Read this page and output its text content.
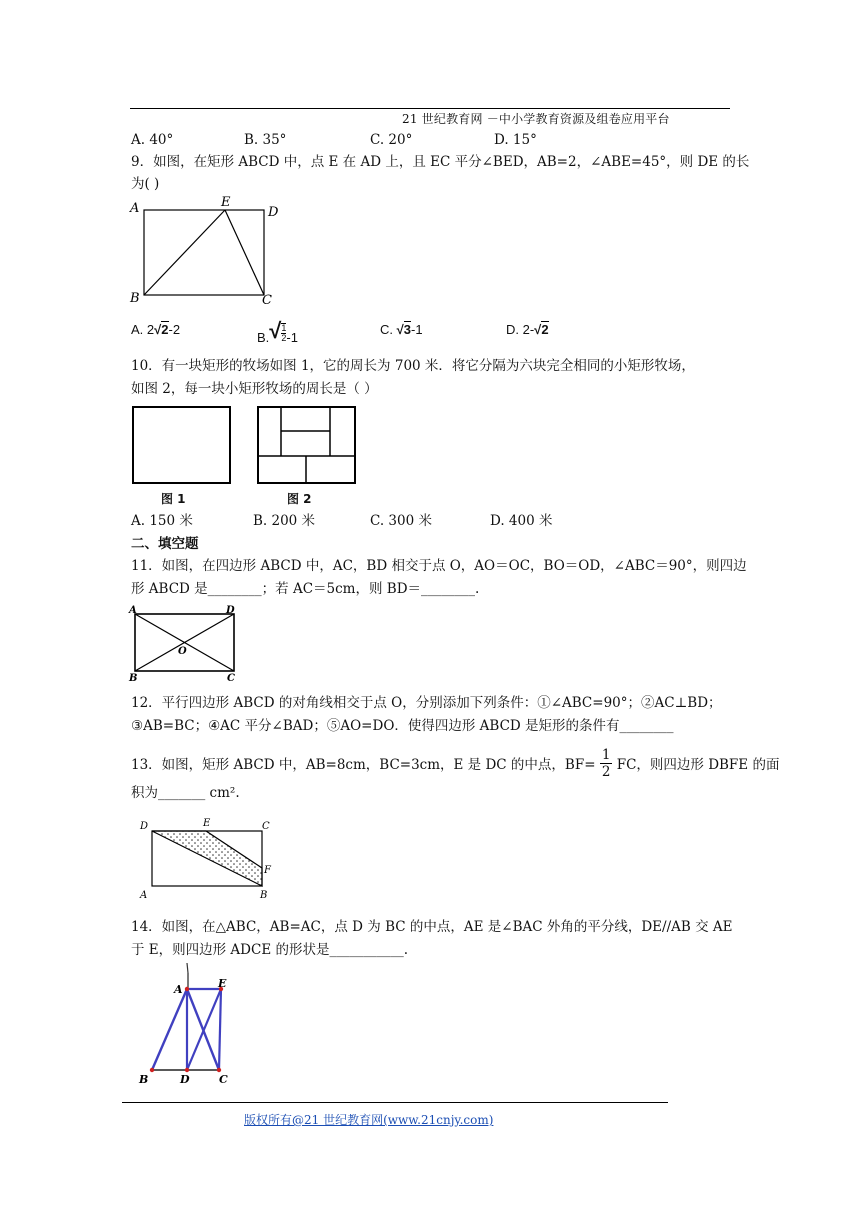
21 世纪教育网 －中小学教育资源及组卷应用平台
A. 40°	B. 35°	C. 20°	D. 15°
9．如图，在矩形 ABCD 中，点 E 在 AD 上，且 EC 平分∠BED，AB=2，∠ABE=45°，则 DE 的长
为( )
A	E
D
B	C
A. 2√2-2
$B.√ \frac{1}{2} -1$
C. √3-1	D. 2-√2
10．有一块矩形的牧场如图 1，它的周长为 700 米．将它分隔为六块完全相同的小矩形牧场，
如图 2，每一块小矩形牧场的周长是（ ）
图 1	图 2
A. 150 米	B. 200 米	C. 300 米	D. 400 米
二、填空题
11．如图，在四边形 ABCD 中，AC，BD 相交于点 O，AO＝OC，BO＝OD，∠ABC＝90°，则四边
形 ABCD 是________；若 AC＝5cm，则 BD＝________.
A	D
O
B	C
12．平行四边形 ABCD 的对角线相交于点 O，分别添加下列条件：①∠ABC=90°；②AC⊥BD；
③AB=BC；④AC 平分∠BAD；⑤AO=DO．使得四边形 ABCD 是矩形的条件有________
13．如图，矩形 ABCD 中，AB=8cm，BC=3cm，E 是 DC 的中点，$BF= \frac{1}{2}$ FC，则四边形 DBFE 的面
积为_______ cm².
D	E	C
F
A	B
14．如图，在△ABC，AB=AC，点 D 为 BC 的中点，AE 是∠BAC 外角的平分线，DE//AB 交 AE
于 E，则四边形 ADCE 的形状是___________.
A	E
B	D	C
版权所有@21 世纪教育网(www.21cnjy.com)
